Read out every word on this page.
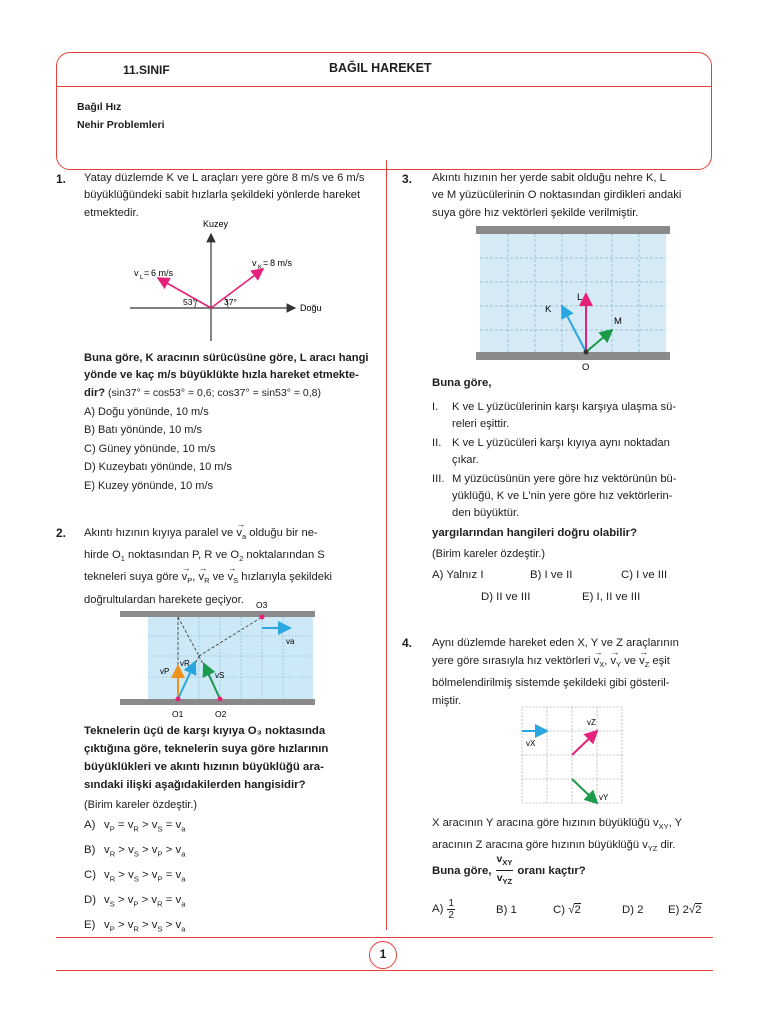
11.SINIF	BAĞIL HAREKET
Bağıl Hız
Nehir Problemleri
1. Yatay düzlemde K ve L araçları yere göre 8 m/s ve 6 m/s
büyüklüğündeki sabit hızlarla şekildeki yönlerde hareket
etmektedir.
Kuzey
Doğu
v L = 6 m/s
v K = 8 m/s
53°	37°
Buna göre, K aracının sürücüsüne göre, L aracı hangi
yönde ve kaç m/s büyüklükte hızla hareket etmekte-
dir? (sin37° = cos53° = 0,6; cos37° = sin53° = 0,8)
A) Doğu yönünde, 10 m/s
B) Batı yönünde, 10 m/s
C) Güney yönünde, 10 m/s
D) Kuzeybatı yönünde, 10 m/s
E) Kuzey yönünde, 10 m/s
2. Akıntı hızının kıyıya paralel ve → $v_a$ olduğu bir ne-
hirde $O_1$ noktasından P, R ve $O_2$ noktalarından S
tekneleri suya göre → $v_P$, → $v_R$ ve → $v_S$ hızlarıyla şekildeki
doğrultulardan harekete geçiyor.	O3
O1	O2
va
vP
vR
vS
Teknelerin üçü de karşı kıyıya O₃ noktasında
çıktığına göre, teknelerin suya göre hızlarının
büyüklükleri ve akıntı hızının büyüklüğü ara-
sındaki ilişki aşağıdakilerden hangisidir?
(Birim kareler özdeştir.)
A) $v_P = v_R > v_S = v_a$
B) $v_R > v_S > v_P > v_a$
C) $v_R > v_S > v_P = v_a$
D) $v_S > v_P > v_R = v_a$
E) $v_P > v_R > v_S > v_a$
3. Akıntı hızının her yerde sabit olduğu nehre K, L
ve M yüzücülerinin O noktasından girdikleri andaki
suya göre hız vektörleri şekilde verilmiştir.
K
L
M
O
Buna göre,
I.	K ve L yüzücülerinin karşı karşıya ulaşma sü-
releri eşittir.
II. K ve L yüzücüleri karşı kıyıya aynı noktadan
çıkar.
III. M yüzücüsünün yere göre hız vektörünün bü-
yüklüğü, K ve L'nin yere göre hız vektörlerin-
den büyüktür.
yargılarından hangileri doğru olabilir?
(Birim kareler özdeştir.)
A) Yalnız I	B) I ve II	C) I ve III
D) II ve III	E) I, II ve III
4. Aynı düzlemde hareket eden X, Y ve Z araçlarının
yere göre sırasıyla hız vektörleri → $v_X$, → $v_Y$ ve → $v_Z$ eşit
bölmelendirilmiş sistemde şekildeki gibi gösteril-
miştir.
vX
vZ
vY
X aracının Y aracına göre hızının büyüklüğü $v_{XY}$, Y
aracının Z aracına göre hızının büyüklüğü $v_{YZ}$ dir.
Buna göre, $\frac{v_{XY}}{v_{YZ}}$ oranı kaçtır?
$A) \frac{1}{2}$	B) 1	C) √2	D) 2 E) 2√2
1
